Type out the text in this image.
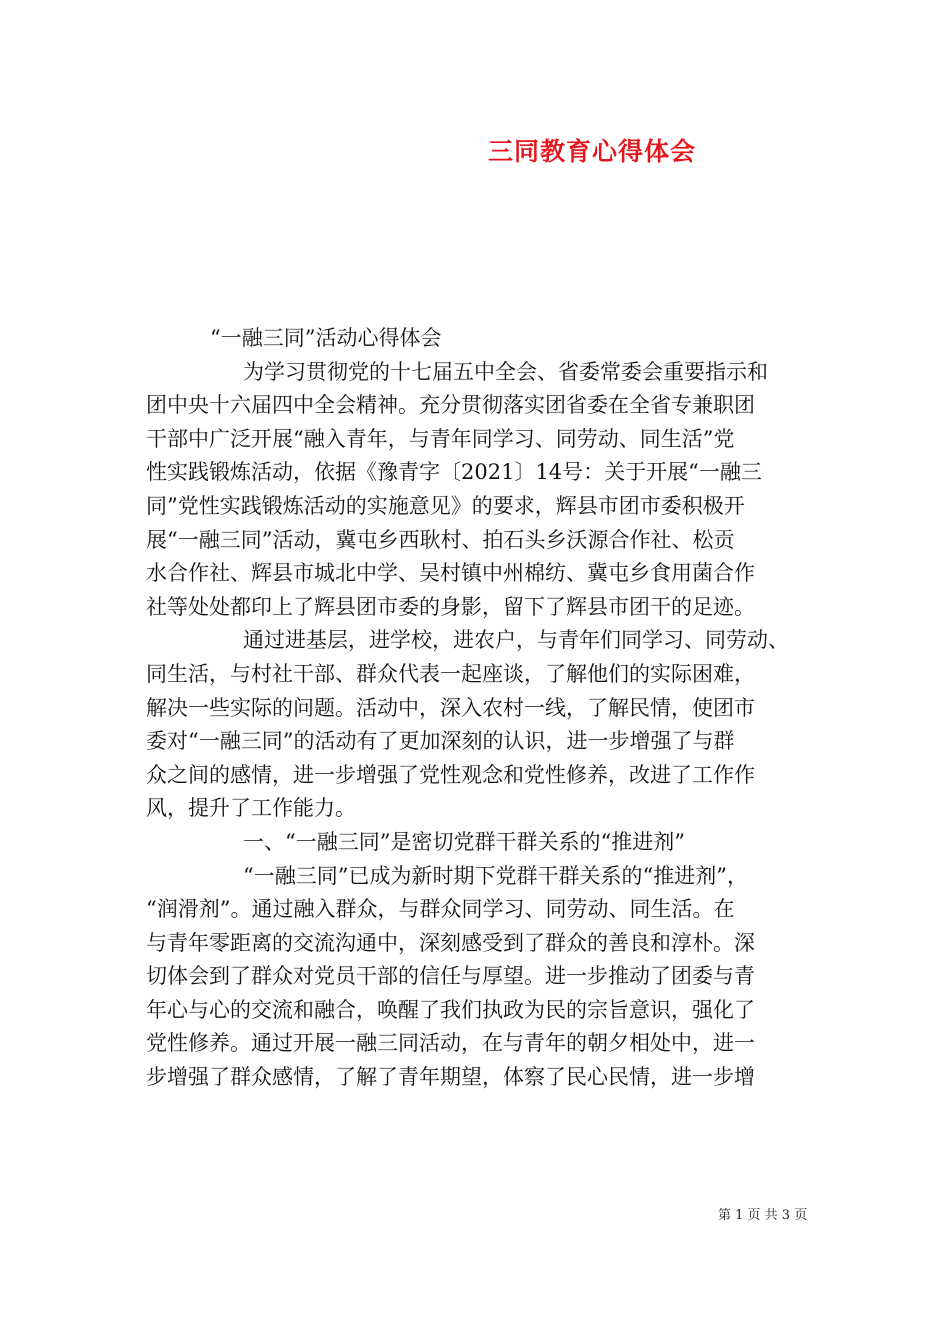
三同教育心得体会
“一融三同”活动心得体会
为学习贯彻党的十七届五中全会、省委常委会重要指示和
团中央十六届四中全会精神。充分贯彻落实团省委在全省专兼职团
干部中广泛开展“融入青年，与青年同学习、同劳动、同生活”党
性实践锻炼活动，依据《豫青字〔2021〕14号：关于开展“一融三
同”党性实践锻炼活动的实施意见》的要求，辉县市团市委积极开
展“一融三同”活动，冀屯乡西耿村、拍石头乡沃源合作社、松贡
水合作社、辉县市城北中学、吴村镇中州棉纺、冀屯乡食用菌合作
社等处处都印上了辉县团市委的身影，留下了辉县市团干的足迹。
通过进基层，进学校，进农户，与青年们同学习、同劳动、
同生活，与村社干部、群众代表一起座谈，了解他们的实际困难，
解决一些实际的问题。活动中，深入农村一线，了解民情，使团市
委对“一融三同”的活动有了更加深刻的认识，进一步增强了与群
众之间的感情，进一步增强了党性观念和党性修养，改进了工作作
风，提升了工作能力。
一、“一融三同”是密切党群干群关系的“推进剂”
“一融三同”已成为新时期下党群干群关系的“推进剂”，
“润滑剂”。通过融入群众，与群众同学习、同劳动、同生活。在
与青年零距离的交流沟通中，深刻感受到了群众的善良和淳朴。深
切体会到了群众对党员干部的信任与厚望。进一步推动了团委与青
年心与心的交流和融合，唤醒了我们执政为民的宗旨意识，强化了
党性修养。通过开展一融三同活动，在与青年的朝夕相处中，进一
步增强了群众感情，了解了青年期望，体察了民心民情，进一步增
第 1 页 共 3 页
